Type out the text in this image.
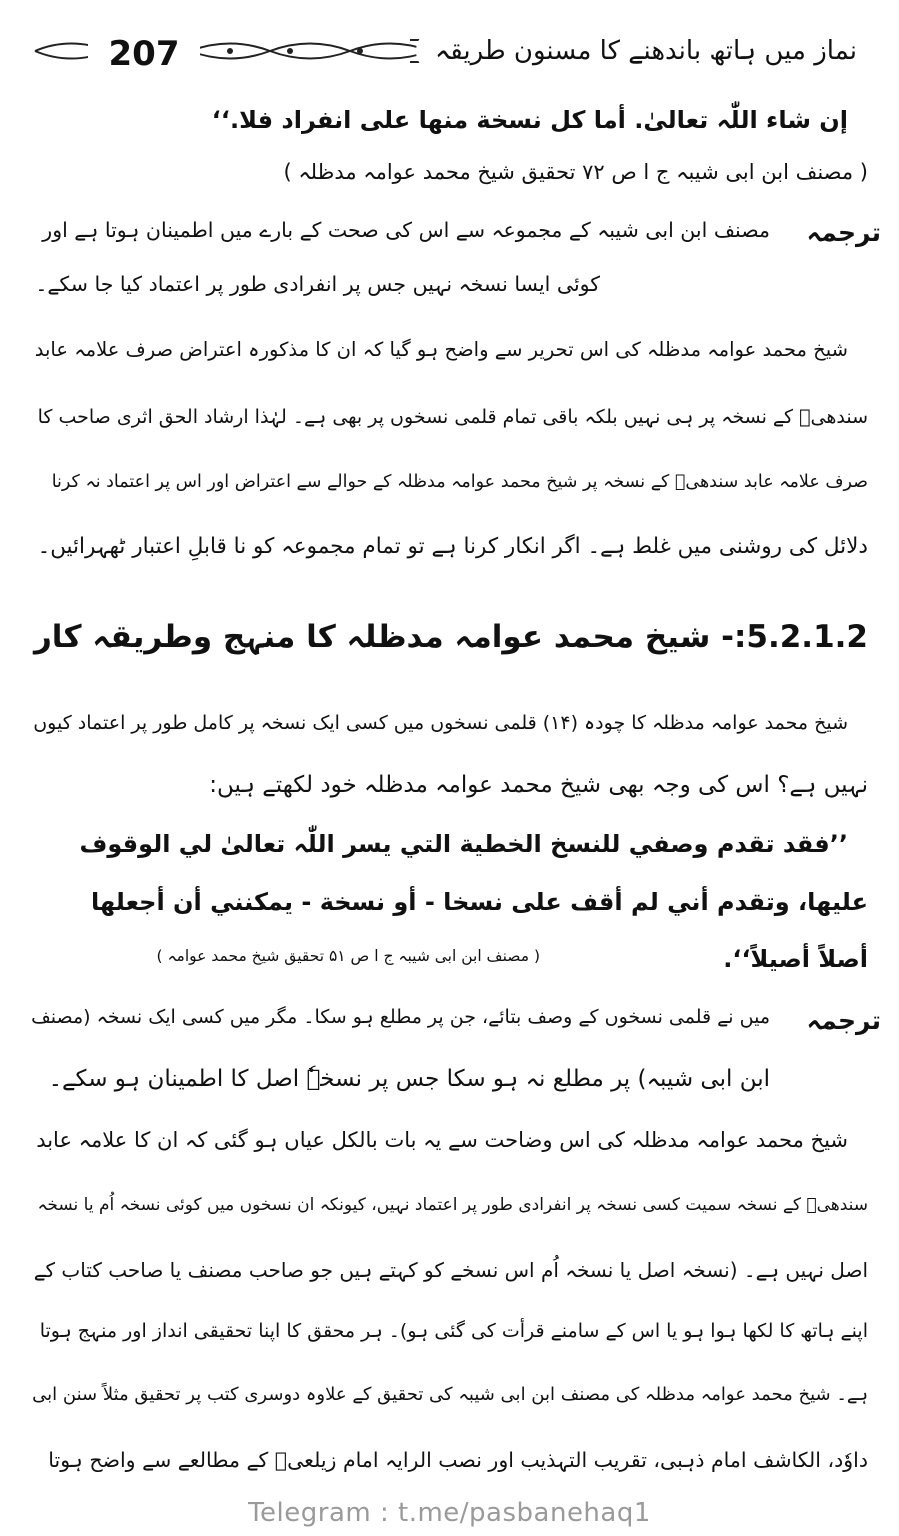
207	نماز میں ہاتھ باندھنے کا مسنون طریقہ
إن شاء اللّٰہ تعالیٰ. أما کل نسخة منها علی انفراد فلا.‘‘
( مصنف ابن ابی شیبہ ج ا ص ۷۲ تحقیق شیخ محمد عوامہ مدظلہ )
ترجمہ
مصنف ابن ابی شیبہ کے مجموعہ سے اس کی صحت کے بارے میں اطمینان ہوتا ہے اور
کوئی ایسا نسخہ نہیں جس پر انفرادی طور پر اعتماد کیا جا سکے۔
شیخ محمد عوامہ مدظلہ کی اس تحریر سے واضح ہو گیا کہ ان کا مذکورہ اعتراض صرف علامہ عابد
سندھیؒ کے نسخہ پر ہی نہیں بلکہ باقی تمام قلمی نسخوں پر بھی ہے۔ لہٰذا ارشاد الحق اثری صاحب کا
صرف علامہ عابد سندھیؒ کے نسخہ پر شیخ محمد عوامہ مدظلہ کے حوالے سے اعتراض اور اس پر اعتماد نہ کرنا
دلائل کی روشنی میں غلط ہے۔ اگر انکار کرنا ہے تو تمام مجموعہ کو نا قابلِ اعتبار ٹھہرائیں۔
5.2.1.2:- شیخ محمد عوامہ مدظلہ کا منہج وطریقہ کار
شیخ محمد عوامہ مدظلہ کا چودہ (۱۴) قلمی نسخوں میں کسی ایک نسخہ پر کامل طور پر اعتماد کیوں
نہیں ہے؟ اس کی وجہ بھی شیخ محمد عوامہ مدظلہ خود لکھتے ہیں:
’’فقد تقدم وصفي للنسخ الخطية التي يسر اللّٰہ تعالیٰ لي الوقوف
عليها، وتقدم أني لم أقف على نسخا - أو نسخة - يمكنني أن أجعلها
أصلاً أصيلاً‘‘.
( مصنف ابن ابی شیبہ ج ا ص ۵۱ تحقیق شیخ محمد عوامہ )
ترجمہ
میں نے قلمی نسخوں کے وصف بتائے، جن پر مطلع ہو سکا۔ مگر میں کسی ایک نسخہ (مصنف
ابن ابی شیبہ) پر مطلع نہ ہو سکا جس پر نسخہٗ اصل کا اطمینان ہو سکے۔
شیخ محمد عوامہ مدظلہ کی اس وضاحت سے یہ بات بالکل عیاں ہو گئی کہ ان کا علامہ عابد
سندھیؒ کے نسخہ سمیت کسی نسخہ پر انفرادی طور پر اعتماد نہیں، کیونکہ ان نسخوں میں کوئی نسخہ اُم یا نسخہ
اصل نہیں ہے۔ (نسخہ اصل یا نسخہ اُم اس نسخے کو کہتے ہیں جو صاحب مصنف یا صاحب کتاب کے
اپنے ہاتھ کا لکھا ہوا ہو یا اس کے سامنے قرأت کی گئی ہو)۔ ہر محقق کا اپنا تحقیقی انداز اور منہج ہوتا
ہے۔ شیخ محمد عوامہ مدظلہ کی مصنف ابن ابی شیبہ کی تحقیق کے علاوہ دوسری کتب پر تحقیق مثلاً سنن ابی
داوٗد، الکاشف امام ذہبی، تقریب التہذیب اور نصب الرایہ امام زیلعیؒ کے مطالعے سے واضح ہوتا
Telegram : t.me/pasbanehaq1
